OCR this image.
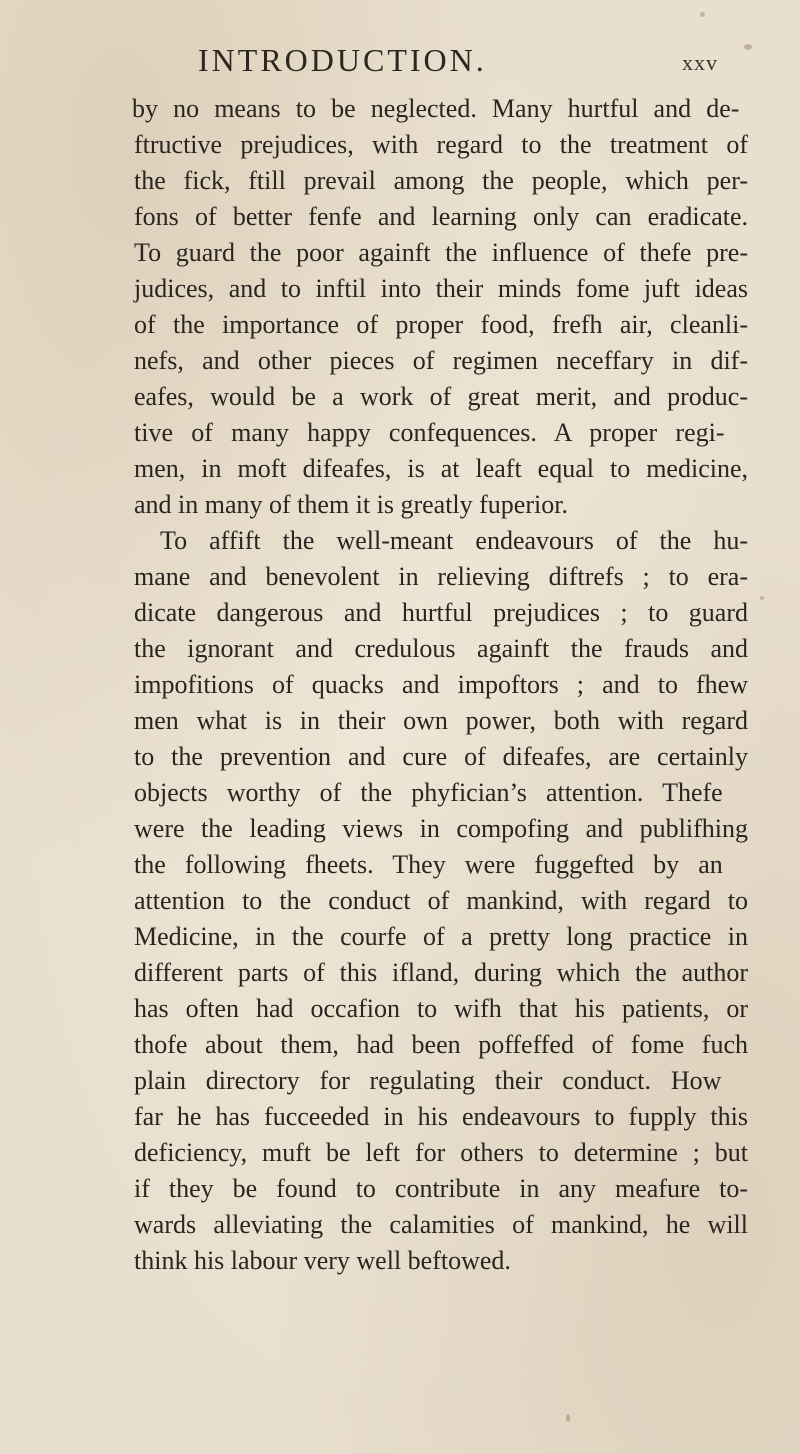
INTRODUCTION.	xxv
by no means to be neglected. Many hurtful and de-
ftructive prejudices, with regard to the treatment of
the fick, ftill prevail among the people, which per-
fons of better fenfe and learning only can eradicate.
To guard the poor againft the influence of thefe pre-
judices, and to inftil into their minds fome juft ideas
of the importance of proper food, frefh air, cleanli-
nefs, and other pieces of regimen neceffary in dif-
eafes, would be a work of great merit, and produc-
tive of many happy confequences. A proper regi-
men, in moft difeafes, is at leaft equal to medicine,
and in many of them it is greatly fuperior.
To affift the well-meant endeavours of the hu-
mane and benevolent in relieving diftrefs ; to era-
dicate dangerous and hurtful prejudices ; to guard
the ignorant and credulous againft the frauds and
impofitions of quacks and impoftors ; and to fhew
men what is in their own power, both with regard
to the prevention and cure of difeafes, are certainly
objects worthy of the phyfician’s attention. Thefe
were the leading views in compofing and publifhing
the following fheets. They were fuggefted by an
attention to the conduct of mankind, with regard to
Medicine, in the courfe of a pretty long practice in
different parts of this ifland, during which the author
has often had occafion to wifh that his patients, or
thofe about them, had been poffeffed of fome fuch
plain directory for regulating their conduct. How
far he has fucceeded in his endeavours to fupply this
deficiency, muft be left for others to determine ; but
if they be found to contribute in any meafure to-
wards alleviating the calamities of mankind, he will
think his labour very well beftowed.
